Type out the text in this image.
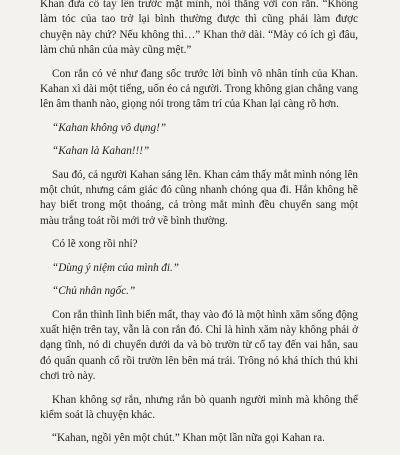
Khan đưa cổ tay lên trước mặt mình, nói thẳng với con rắn. “Không làm tóc của tao trở lại bình thường được thì cũng phải làm được chuyện này chứ? Nếu không thì…” Khan thở dài. “Mày có ích gì đâu, làm chủ nhân của mày cũng mệt.”

Con rắn có vẻ như đang sốc trước lời bình vô nhân tính của Khan. Kahan xì dài một tiếng, uốn éo cả người. Trong không gian chẳng vang lên âm thanh nào, giọng nói trong tâm trí của Khan lại càng rõ hơn.

“Kahan không vô dụng!”

“Kahan là Kahan!!!”

Sau đó, cả người Kahan sáng lên. Khan cảm thấy mắt mình nóng lên một chút, nhưng cảm giác đó cũng nhanh chóng qua đi. Hắn không hề hay biết trong một thoáng, cả tròng mắt mình đều chuyển sang một màu trắng toát rồi mới trở về bình thường.

Có lẽ xong rồi nhỉ?

“Dùng ý niệm của mình đi.”

“Chủ nhân ngốc.”

Con rắn thình lình biến mất, thay vào đó là một hình xăm sống động xuất hiện trên tay, vẫn là con rắn đó. Chỉ là hình xăm này không phải ở dạng tĩnh, nó di chuyển dưới da và bò trườn từ cổ tay đến vai hắn, sau đó quấn quanh cổ rồi trườn lên bên má trái. Trông nó khá thích thú khi chơi trò này.

Khan không sợ rắn, nhưng rắn bò quanh người mình mà không thể kiểm soát là chuyện khác.

“Kahan, ngồi yên một chút.” Khan một lần nữa gọi Kahan ra.
